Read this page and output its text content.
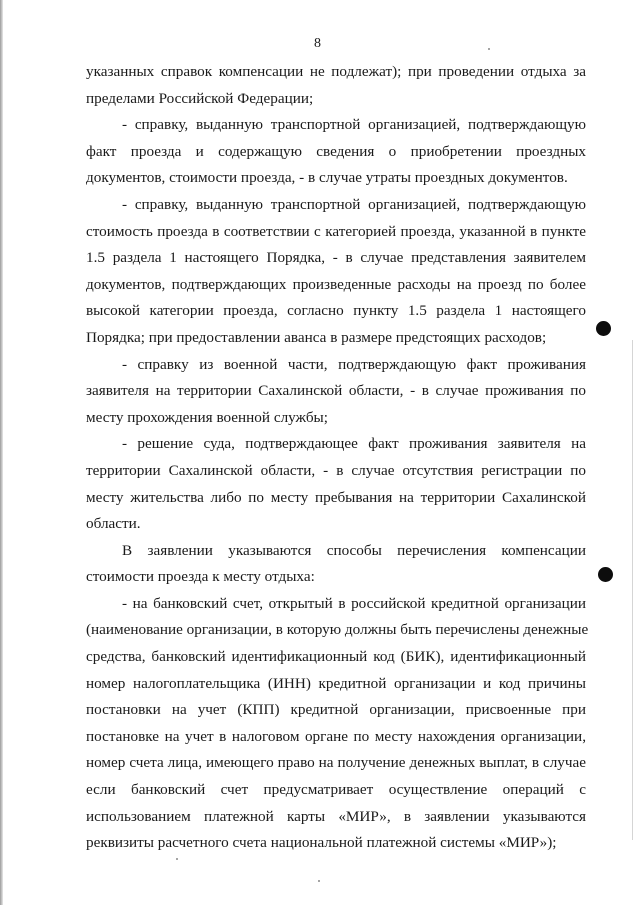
8
указанных справок компенсации не подлежат); при проведении отдыха за
пределами Российской Федерации;
- справку, выданную транспортной организацией, подтверждающую
факт проезда и содержащую сведения о приобретении проездных
документов, стоимости проезда, - в случае утраты проездных документов.
- справку, выданную транспортной организацией, подтверждающую
стоимость проезда в соответствии с категорией проезда, указанной в пункте
1.5 раздела 1 настоящего Порядка, - в случае представления заявителем
документов, подтверждающих произведенные расходы на проезд по более
высокой категории проезда, согласно пункту 1.5 раздела 1 настоящего
Порядка; при предоставлении аванса в размере предстоящих расходов;
- справку из военной части, подтверждающую факт проживания
заявителя на территории Сахалинской области, - в случае проживания по
месту прохождения военной службы;
- решение суда, подтверждающее факт проживания заявителя на
территории Сахалинской области, - в случае отсутствия регистрации по
месту жительства либо по месту пребывания на территории Сахалинской
области.
В заявлении указываются способы перечисления компенсации
стоимости проезда к месту отдыха:
- на банковский счет, открытый в российской кредитной организации
(наименование организации, в которую должны быть перечислены денежные
средства, банковский идентификационный код (БИК), идентификационный
номер налогоплательщика (ИНН) кредитной организации и код причины
постановки на учет (КПП) кредитной организации, присвоенные при
постановке на учет в налоговом органе по месту нахождения организации,
номер счета лица, имеющего право на получение денежных выплат, в случае
если банковский счет предусматривает осуществление операций с
использованием платежной карты «МИР», в заявлении указываются
реквизиты расчетного счета национальной платежной системы «МИР»);
